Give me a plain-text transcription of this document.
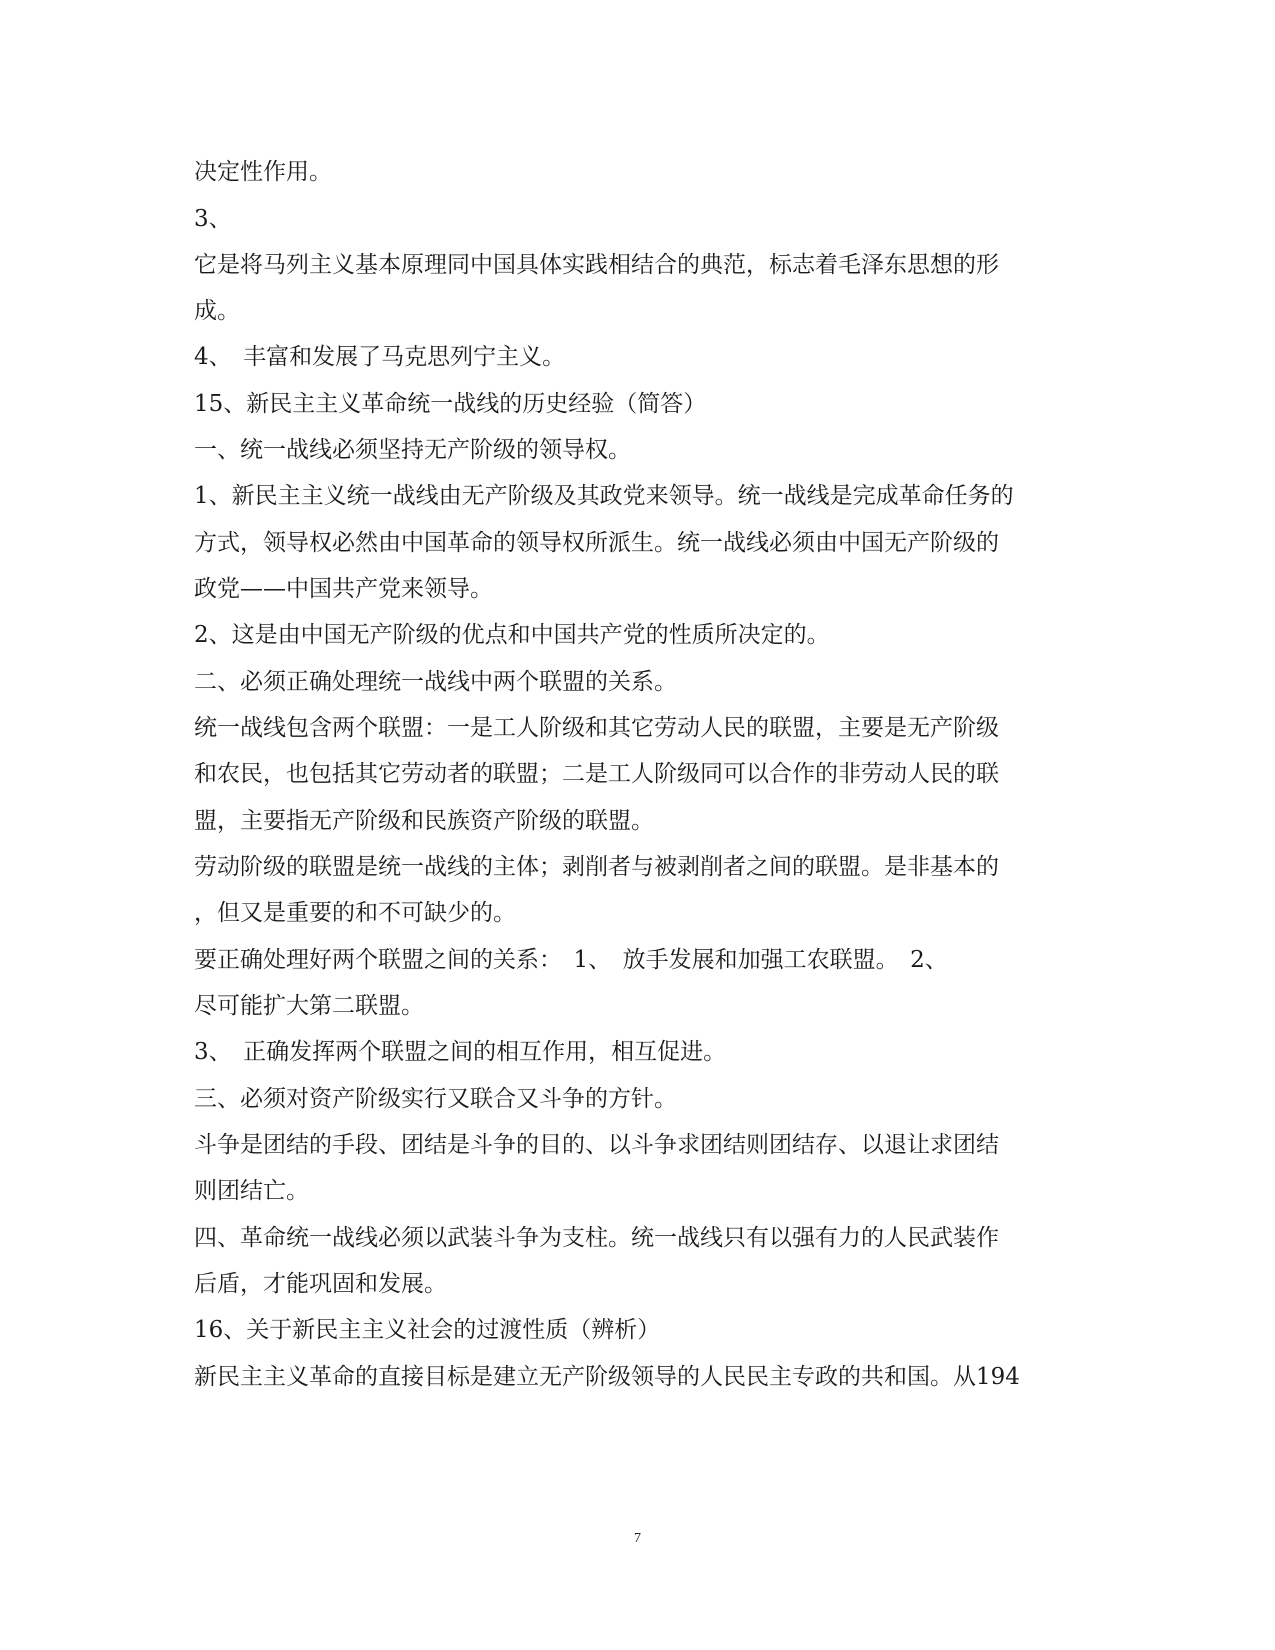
决定性作用。
3、
它是将马列主义基本原理同中国具体实践相结合的典范，标志着毛泽东思想的形
成。
4、　丰富和发展了马克思列宁主义。
15、新民主主义革命统一战线的历史经验（简答）
一、统一战线必须坚持无产阶级的领导权。
1、新民主主义统一战线由无产阶级及其政党来领导。统一战线是完成革命任务的
方式，领导权必然由中国革命的领导权所派生。统一战线必须由中国无产阶级的
政党——中国共产党来领导。
2、这是由中国无产阶级的优点和中国共产党的性质所决定的。
二、必须正确处理统一战线中两个联盟的关系。
统一战线包含两个联盟：一是工人阶级和其它劳动人民的联盟，主要是无产阶级
和农民，也包括其它劳动者的联盟；二是工人阶级同可以合作的非劳动人民的联
盟，主要指无产阶级和民族资产阶级的联盟。
劳动阶级的联盟是统一战线的主体；剥削者与被剥削者之间的联盟。是非基本的
，但又是重要的和不可缺少的。
要正确处理好两个联盟之间的关系：　1、　放手发展和加强工农联盟。　2、
尽可能扩大第二联盟。
3、　正确发挥两个联盟之间的相互作用，相互促进。
三、必须对资产阶级实行又联合又斗争的方针。
斗争是团结的手段、团结是斗争的目的、以斗争求团结则团结存、以退让求团结
则团结亡。
四、革命统一战线必须以武装斗争为支柱。统一战线只有以强有力的人民武装作
后盾，才能巩固和发展。
16、关于新民主主义社会的过渡性质（辨析）
新民主主义革命的直接目标是建立无产阶级领导的人民民主专政的共和国。从194
7
